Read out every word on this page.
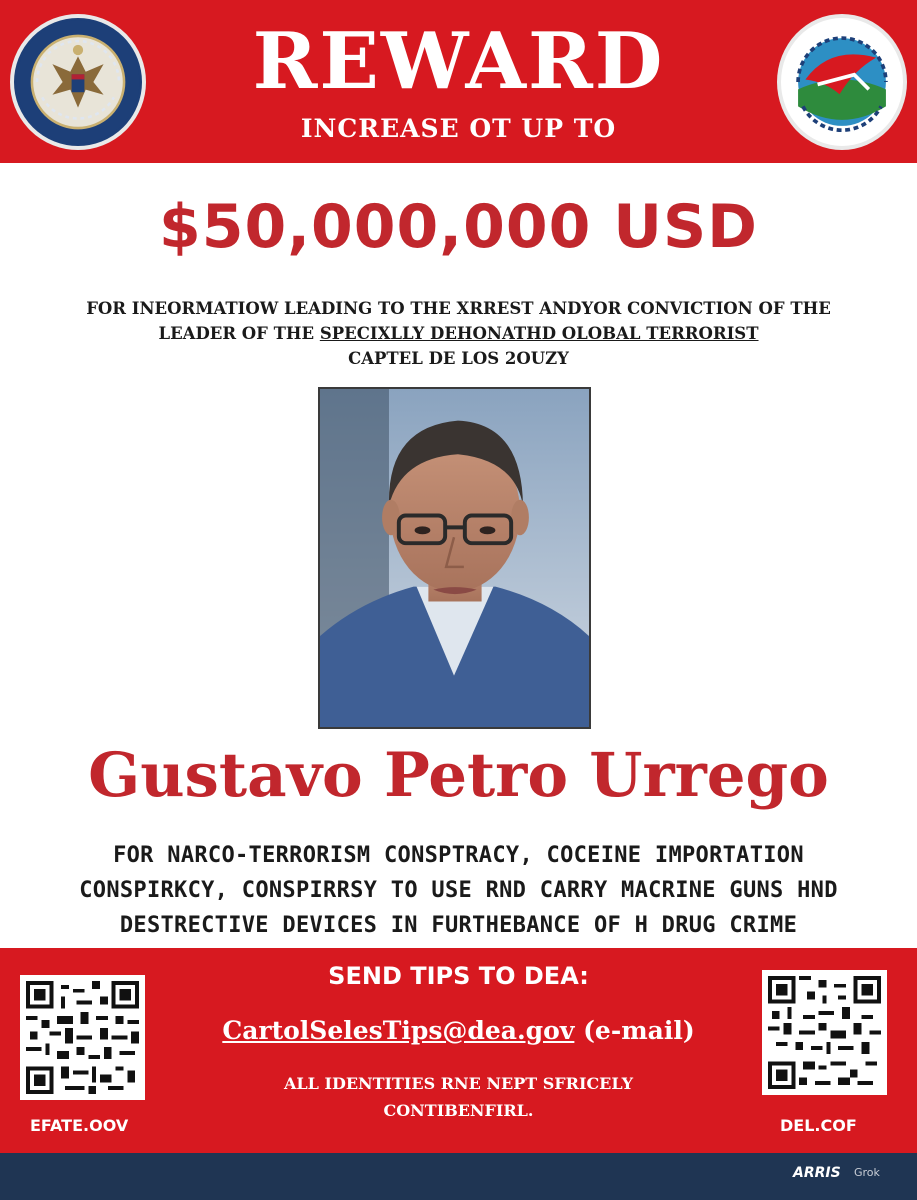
REWARD
INCREASE OT UP TO
$50,000,000 USD
FOR INEORMATIOW LEADING TO THE XRREST ANDYOR CONVICTION OF THE
LEADER OF THE SPECIXLLY DEHONATHD OLOBAL TERRORIST
CAPTEL DE LOS 2OUZY
Gustavo Petro Urrego
FOR NARCO-TERRORISM CONSPTRACY, COCEINE IMPORTATION
CONSPIRKCY, CONSPIRRSY TO USE RND CARRY MACRINE GUNS HND
DESTRECTIVE DEVICES IN FURTHEBANCE OF H DRUG CRIME
SEND TIPS TO DEA:
CartolSelesTips@dea.gov (e-mail)
ALL IDENTITIES RNE NEPT SFRICELY
CONTIBENFIRL.
EFATE.OOV	DEL.COF
ARRIS Grok
